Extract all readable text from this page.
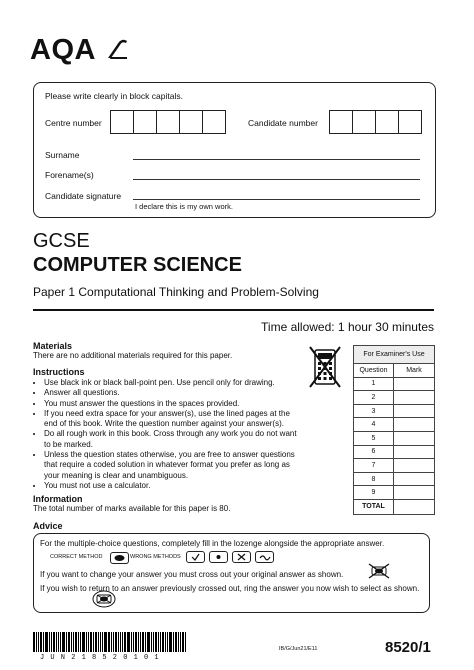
AQA
Please write clearly in block capitals.
Centre number	Candidate number
Surname
Forename(s)
Candidate signature
I declare this is my own work.
GCSE
COMPUTER SCIENCE
Paper 1 Computational Thinking and Problem-Solving
Time allowed: 1 hour 30 minutes
Materials
There are no additional materials required for this paper.
Instructions
• Use black ink or black ball-point pen. Use pencil only for drawing.
• Answer all questions.
• You must answer the questions in the spaces provided.
• If you need extra space for your answer(s), use the lined pages at the end of this book. Write the question number against your answer(s).
• Do all rough work in this book. Cross through any work you do not want to be marked.
• Unless the question states otherwise, you are free to answer questions that require a coded solution in whatever format you prefer as long as your meaning is clear and unambiguous.
• You must not use a calculator.
Information
The total number of marks available for this paper is 80.
Advice
For the multiple-choice questions, completely fill in the lozenge alongside the appropriate answer.
CORRECT METHOD	WRONG METHODS
If you want to change your answer you must cross out your original answer as shown.
If you wish to return to an answer previously crossed out, ring the answer you now wish to select as shown.
For Examiner's Use	
Question	Mark
1	
2	
3	
4	
5	
6	
7	
8	
9	
TOTAL	
J U N 2 1 8 5 2 0 1 0 1
IB/G/Jun21/E11	8520/1
